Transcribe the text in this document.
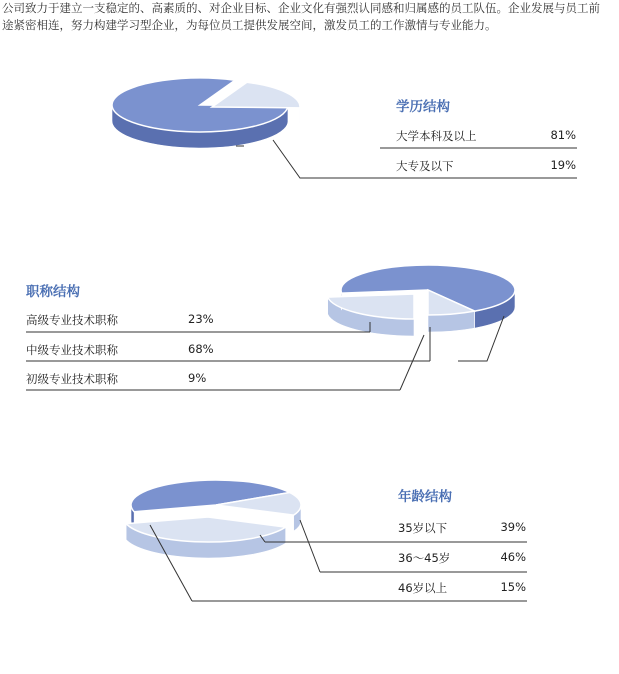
公司致力于建立一支稳定的、高素质的、对企业目标、企业文化有强烈认同感和归属感的员工队伍。企业发展与员工前途紧密相连，努力构建学习型企业，为每位员工提供发展空间，激发员工的工作激情与专业能力。

学历结构
大学本科及以上	81%
大专及以下	19%
职称结构
高级专业技术职称	23%
中级专业技术职称	68%
初级专业技术职称	9%
年龄结构
35岁以下	39%
36～45岁	46%
46岁以上	15%
